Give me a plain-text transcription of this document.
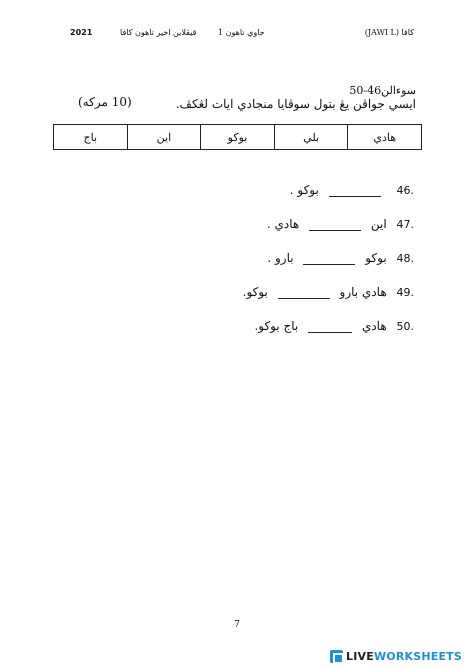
2021	قيڤلاين اخير تاهون كافا	جاوي تاهون 1	كافا (JAWI L)
سوءالن46-50
ايسي جواڤن يڠ بتول سوڤايا منجادي ايات لڠكڤ.
(10 مركه)
هادي	بلي	بوكو	اين	باج
46.  بوكو .
47. اين  هادي .
48. بوكو  بارو .
49. هادي بارو  بوكو.
50. هادي  باج بوكو.
7
LIVEWORKSHEETS
